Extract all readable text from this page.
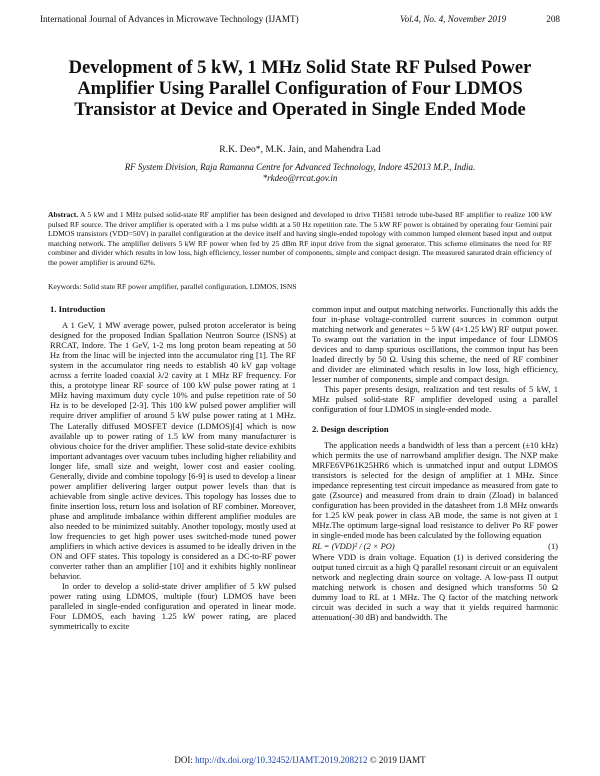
International Journal of Advances in Microwave Technology (IJAMT)	Vol.4, No. 4, November 2019	208
Development of 5 kW, 1 MHz Solid State RF Pulsed Power Amplifier Using Parallel Configuration of Four LDMOS Transistor at Device and Operated in Single Ended Mode
R.K. Deo*, M.K. Jain, and Mahendra Lad
RF System Division, Raja Ramanna Centre for Advanced Technology, Indore 452013 M.P., India.
*rkdeo@rrcat.gov.in
Abstract. A 5 kW and 1 MHz pulsed solid-state RF amplifier has been designed and developed to drive TH581 tetrode tube-based RF amplifier to realize 100 kW pulsed RF source. The driver amplifier is operated with a 1 ms pulse width at a 50 Hz repetition rate. The 5 kW RF power is obtained by operating four Gemini pair LDMOS transistors (VDD=50V) in parallel configuration at the device itself and having single-ended topology with common lumped element based input and output matching network. The amplifier delivers 5 kW RF power when fed by 25 dBm RF input drive from the signal generator. This scheme eliminates the need for RF combiner and divider which results in low loss, high efficiency, lesser number of components, simple and compact design. The measured saturated drain efficiency of the power amplifier is around 62%.
Keywords: Solid state RF power amplifier, parallel configuration, LDMOS, ISNS
1. Introduction

A 1 GeV, 1 MW average power, pulsed proton accelerator is being designed for the proposed Indian Spallation Neutron Source (ISNS) at RRCAT, Indore. The 1 GeV, 1-2 ms long proton beam repeating at 50 Hz from the linac will be injected into the accumulator ring [1]. The RF system in the accumulator ring needs to establish 40 kV gap voltage across a ferrite loaded coaxial λ/2 cavity at 1 MHz RF frequency. For this, a prototype linear RF source of 100 kW pulse power rating at 1 MHz having maximum duty cycle 10% and pulse repetition rate of 50 Hz is to be developed [2-3]. This 100 kW pulsed power amplifier will require driver amplifier of around 5 kW pulse power rating at 1 MHz. The Laterally diffused MOSFET device (LDMOS)[4] which is now available up to power rating of 1.5 kW from many manufacturer is obvious choice for the driver amplifier. These solid-state device exhibits important advantages over vacuum tubes including higher reliability and longer life, small size and weight, lower cost and easier cooling. Generally, divide and combine topology [6-9] is used to develop a linear power amplifier delivering larger output power levels than that is achievable from single active devices. This topology has losses due to finite insertion loss, return loss and isolation of RF combiner. Moreover, phase and amplitude imbalance within different amplifier modules are also needed to be minimized suitably. Another topology, mostly used at low frequencies to get high power uses switched-mode tuned power amplifiers in which active devices is assumed to be ideally driven in the ON and OFF states. This topology is considered as a DC-to-RF power converter rather than an amplifier [10] and it exhibits highly nonlinear behavior.

In order to develop a solid-state driver amplifier of 5 kW pulsed power rating using LDMOS, multiple (four) LDMOS have been paralleled in single-ended configuration and operated in linear mode. Four LDMOS, each having 1.25 kW power rating, are placed symmetrically to excite

common input and output matching networks. Functionally this adds the four in-phase voltage-controlled current sources in common output matching network and generates ~ 5 kW (4×1.25 kW) RF output power. To swamp out the variation in the input impedance of four LDMOS devices and to damp spurious oscillations, the common input has been loaded directly by 50 Ω. Using this scheme, the need of RF combiner and divider are eliminated which results in low loss, high efficiency, lesser number of components, simple and compact design.

This paper presents design, realization and test results of 5 kW, 1 MHz pulsed solid-state RF amplifier developed using a parallel configuration of four LDMOS in single-ended mode.

2. Design description

The application needs a bandwidth of less than a percent (±10 kHz) which permits the use of narrowband amplifier design. The NXP make MRFE6VP61K25HR6 which is unmatched input and output LDMOS transistors is selected for the design of amplifier at 1 MHz. Since impedance representing test circuit impedance as measured from gate to gate (Zsource) and measured from drain to drain (Zload) in balanced configuration has been provided in the datasheet from 1.8 MHz onwards for 1.25 kW peak power in class AB mode, the same is not given at 1 MHz.The optimum large-signal load resistance to deliver Po RF power in single-ended mode has been calculated by the following equation

RL = (VDD)² / (2 × PO)	(1)

Where VDD is drain voltage. Equation (1) is derived considering the output tuned circuit as a high Q parallel resonant circuit or an equivalent network and neglecting drain source on voltage. A low-pass Π output matching network is chosen and designed which transforms 50 Ω dummy load to RL at 1 MHz. The Q factor of the matching network circuit was decided in such a way that it yields required harmonic attenuation(-30 dB) and bandwidth. The

DOI: http://dx.doi.org/10.32452/IJAMT.2019.208212 © 2019 IJAMT
